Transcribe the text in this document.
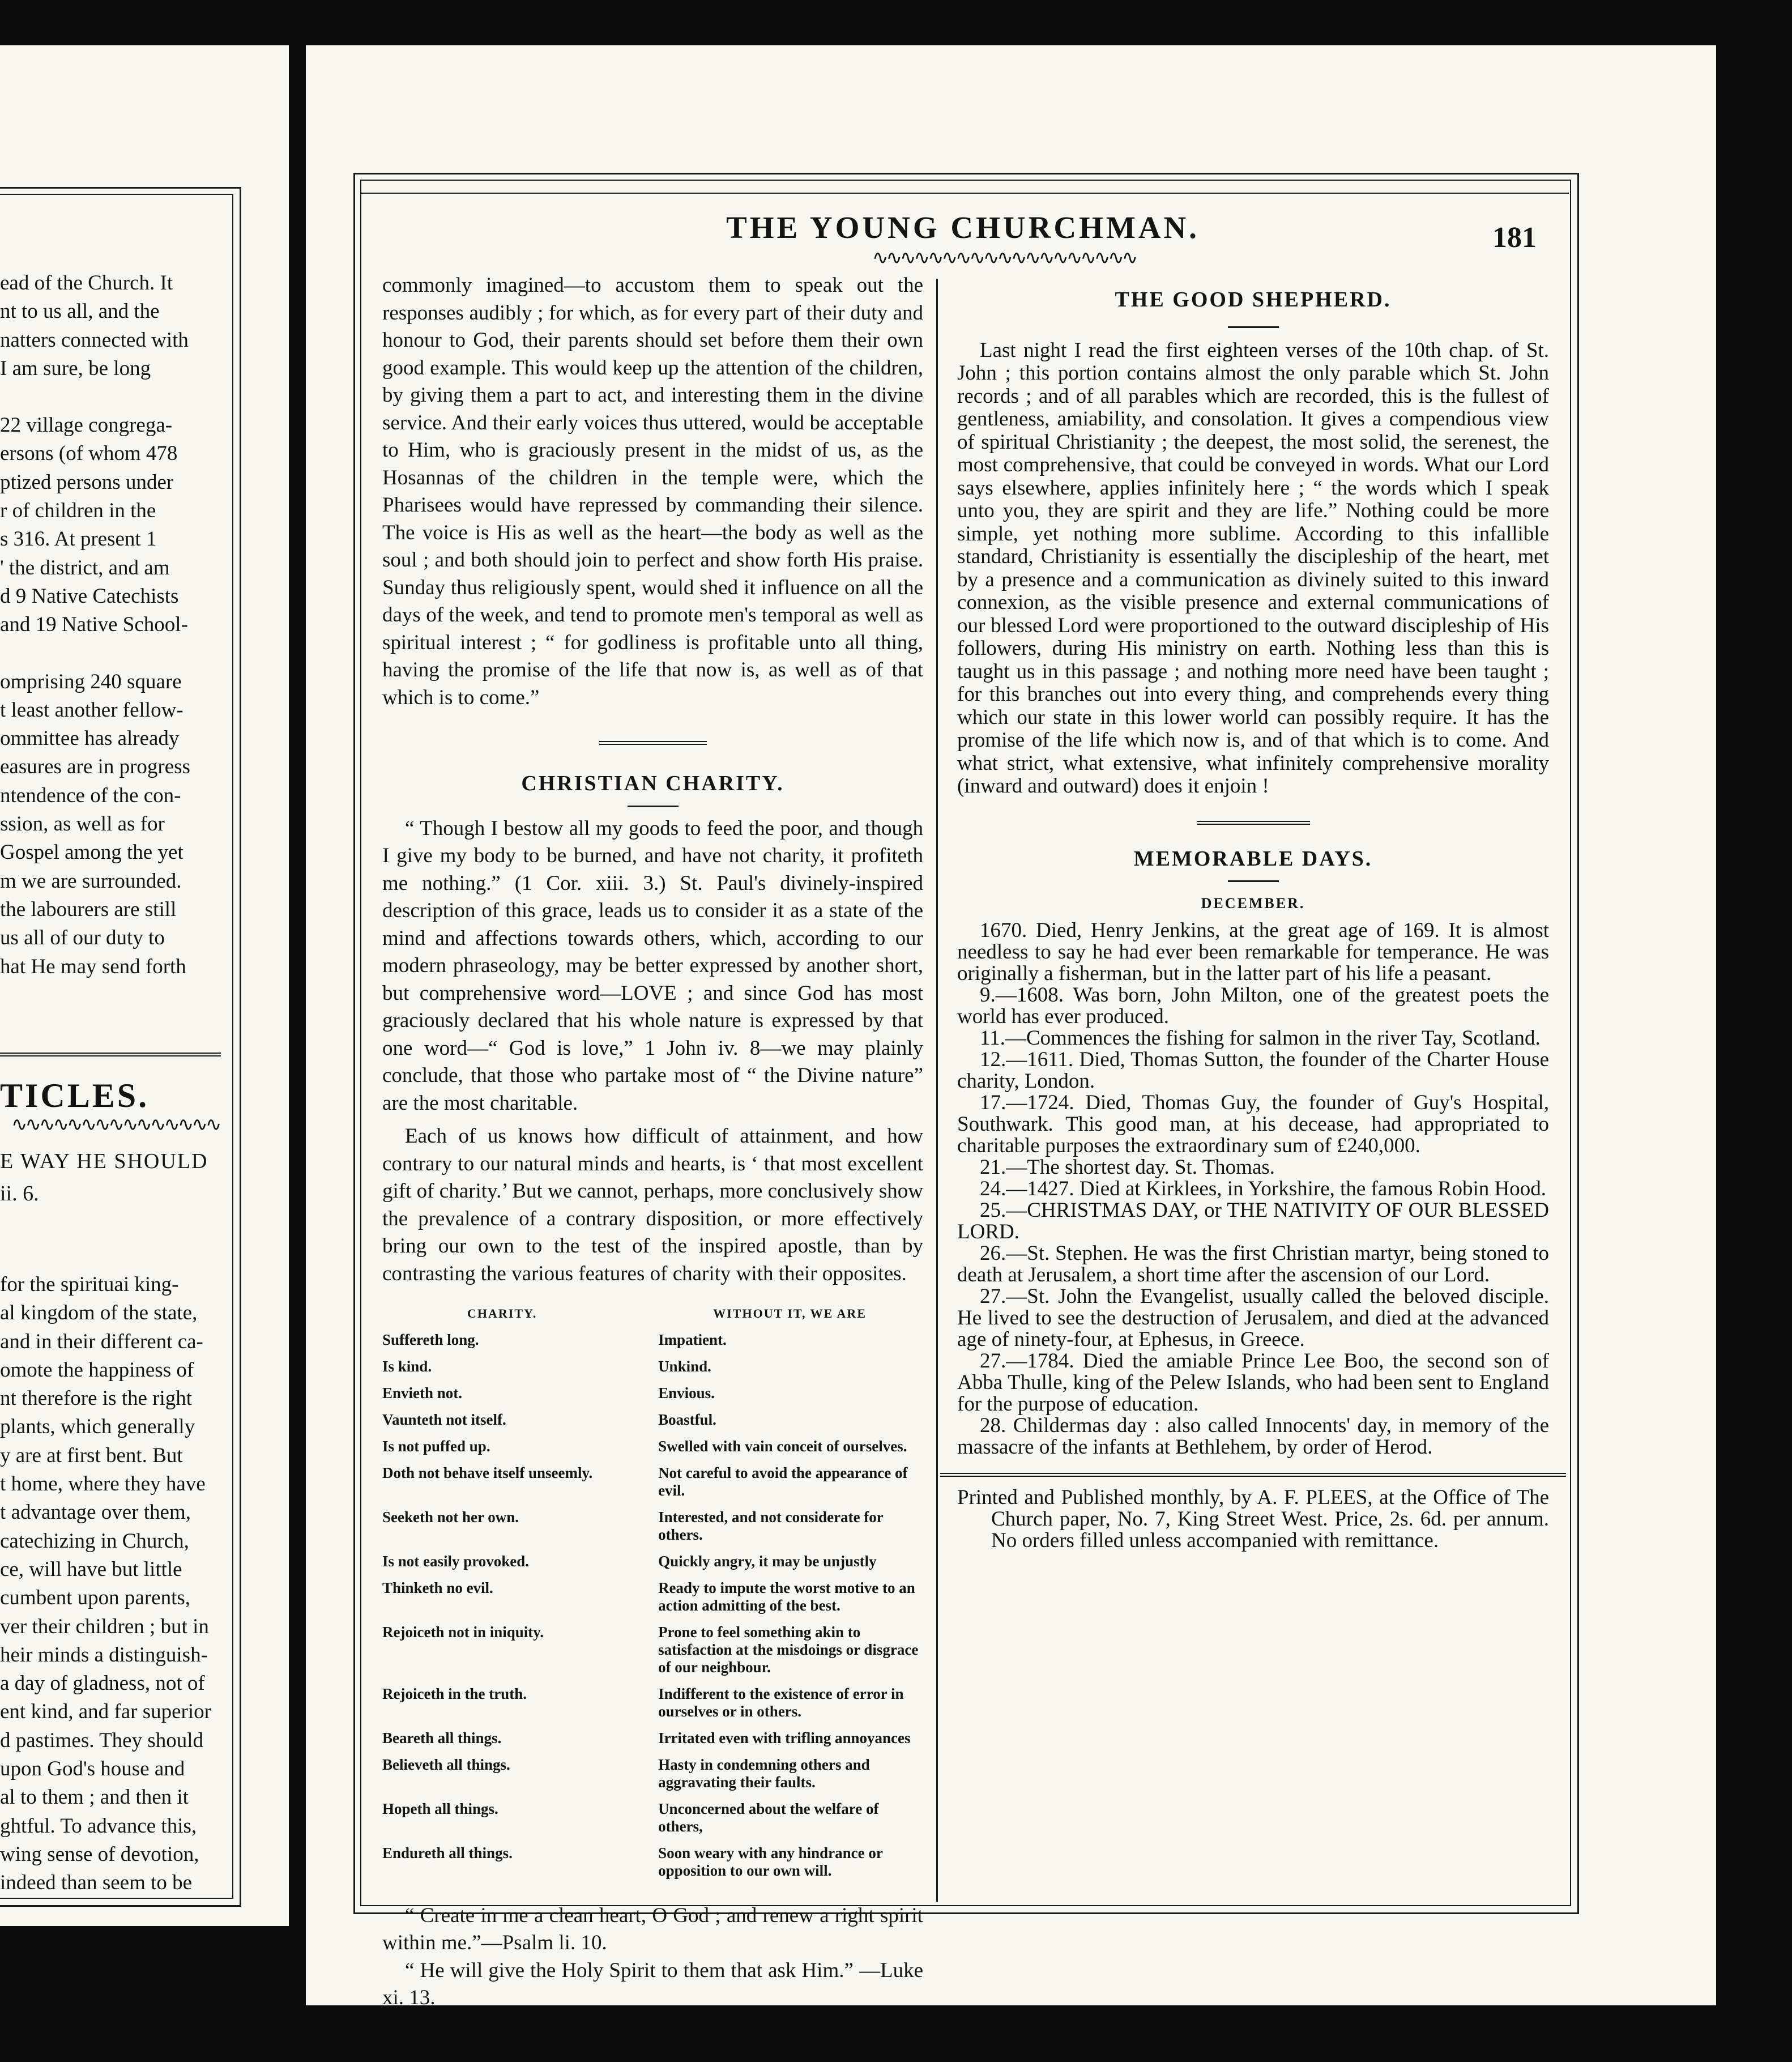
ead of the Church. It
nt to us all, and the
natters connected with
I am sure, be long
22 village congrega-
ersons (of whom 478
ptized persons under
r of children in the
s 316. At present 1
' the district, and am
d 9 Native Catechists
and 19 Native School-
omprising 240 square
t least another fellow-
ommittee has already
easures are in progress
ntendence of the con-
ssion, as well as for
Gospel among the yet
m we are surrounded.
the labourers are still
us all of our duty to
hat He may send forth
TICLES.
∿∿∿∿∿∿∿∿∿∿∿∿∿∿∿
E WAY HE SHOULD
ii. 6.
for the spirituai king-
al kingdom of the state,
and in their different ca-
omote the happiness of
nt therefore is the right
plants, which generally
y are at first bent. But
t home, where they have
t advantage over them,
catechizing in Church,
ce, will have but little
cumbent upon parents,
ver their children ; but in
heir minds a distinguish-
a day of gladness, not of
ent kind, and far superior
d pastimes. They should
upon God's house and
al to them ; and then it
ghtful. To advance this,
wing sense of devotion,
indeed than seem to be
THE YOUNG CHURCHMAN.
∿∿∿∿∿∿∿∿∿∿∿∿∿∿∿∿∿∿∿
181

commonly imagined—to accustom them to speak out the responses audibly ; for which, as for every part of their duty and honour to God, their parents should set before them their own good example. This would keep up the attention of the children, by giving them a part to act, and interesting them in the divine service. And their early voices thus uttered, would be acceptable to Him, who is graciously present in the midst of us, as the Hosannas of the children in the temple were, which the Pharisees would have repressed by commanding their silence. The voice is His as well as the heart—the body as well as the soul ; and both should join to perfect and show forth His praise. Sunday thus religiously spent, would shed it influence on all the days of the week, and tend to promote men's temporal as well as spiritual interest ; “ for godliness is profitable unto all thing, having the promise of the life that now is, as well as of that which is to come.”

CHRISTIAN CHARITY.

“ Though I bestow all my goods to feed the poor, and though I give my body to be burned, and have not charity, it profiteth me nothing.” (1 Cor. xiii. 3.) St. Paul's divinely-inspired description of this grace, leads us to consider it as a state of the mind and affections towards others, which, according to our modern phraseology, may be better expressed by another short, but comprehensive word—LOVE ; and since God has most graciously declared that his whole nature is expressed by that one word—“ God is love,” 1 John iv. 8—we may plainly conclude, that those who partake most of “ the Divine nature” are the most charitable.

Each of us knows how difficult of attainment, and how contrary to our natural minds and hearts, is ‘ that most excellent gift of charity.’ But we cannot, perhaps, more conclusively show the prevalence of a contrary disposition, or more effectively bring our own to the test of the inspired apostle, than by contrasting the various features of charity with their opposites.

CHARITY.	WITHOUT IT, WE ARE
Suffereth long.	Impatient.
Is kind.	Unkind.
Envieth not.	Envious.
Vaunteth not itself.	Boastful.
Is not puffed up.	Swelled with vain conceit of ourselves.
Doth not behave itself unseemly.	Not careful to avoid the appearance of evil.
Seeketh not her own.	Interested, and not considerate for others.
Is not easily provoked.	Quickly angry, it may be unjustly
Thinketh no evil.	Ready to impute the worst motive to an action admitting of the best.
Rejoiceth not in iniquity.	Prone to feel something akin to satisfaction at the misdoings or disgrace of our neighbour.
Rejoiceth in the truth.	Indifferent to the existence of error in ourselves or in others.
Beareth all things.	Irritated even with trifling annoyances
Believeth all things.	Hasty in condemning others and aggravating their faults.
Hopeth all things.	Unconcerned about the welfare of others,
Endureth all things.	Soon weary with any hindrance or opposition to our own will.

“ Create in me a clean heart, O God ; and renew a right spirit within me.”—Psalm li. 10.

“ He will give the Holy Spirit to them that ask Him.” —Luke xi. 13.

THE GOOD SHEPHERD.

Last night I read the first eighteen verses of the 10th chap. of St. John ; this portion contains almost the only parable which St. John records ; and of all parables which are recorded, this is the fullest of gentleness, amiability, and consolation. It gives a compendious view of spiritual Christianity ; the deepest, the most solid, the serenest, the most comprehensive, that could be conveyed in words. What our Lord says elsewhere, applies infinitely here ; “ the words which I speak unto you, they are spirit and they are life.” Nothing could be more simple, yet nothing more sublime. According to this infallible standard, Christianity is essentially the discipleship of the heart, met by a presence and a communication as divinely suited to this inward connexion, as the visible presence and external communications of our blessed Lord were proportioned to the outward discipleship of His followers, during His ministry on earth. Nothing less than this is taught us in this passage ; and nothing more need have been taught ; for this branches out into every thing, and comprehends every thing which our state in this lower world can possibly require. It has the promise of the life which now is, and of that which is to come. And what strict, what extensive, what infinitely comprehensive morality (inward and outward) does it enjoin !

MEMORABLE DAYS.
DECEMBER.

1670. Died, Henry Jenkins, at the great age of 169. It is almost needless to say he had ever been remarkable for temperance. He was originally a fisherman, but in the latter part of his life a peasant.

9.—1608. Was born, John Milton, one of the greatest poets the world has ever produced.

11.—Commences the fishing for salmon in the river Tay, Scotland.

12.—1611. Died, Thomas Sutton, the founder of the Charter House charity, London.

17.—1724. Died, Thomas Guy, the founder of Guy's Hospital, Southwark. This good man, at his decease, had appropriated to charitable purposes the extraordinary sum of £240,000.

21.—The shortest day. St. Thomas.

24.—1427. Died at Kirklees, in Yorkshire, the famous Robin Hood.

25.—CHRISTMAS DAY, or THE NATIVITY OF OUR BLESSED LORD.

26.—St. Stephen. He was the first Christian martyr, being stoned to death at Jerusalem, a short time after the ascension of our Lord.

27.—St. John the Evangelist, usually called the beloved disciple. He lived to see the destruction of Jerusalem, and died at the advanced age of ninety-four, at Ephesus, in Greece.

27.—1784. Died the amiable Prince Lee Boo, the second son of Abba Thulle, king of the Pelew Islands, who had been sent to England for the purpose of education.

28. Childermas day : also called Innocents' day, in memory of the massacre of the infants at Bethlehem, by order of Herod.

Printed and Published monthly, by A. F. PLEES, at the Office of The Church paper, No. 7, King Street West. Price, 2s. 6d. per annum. No orders filled unless accompanied with remittance.
